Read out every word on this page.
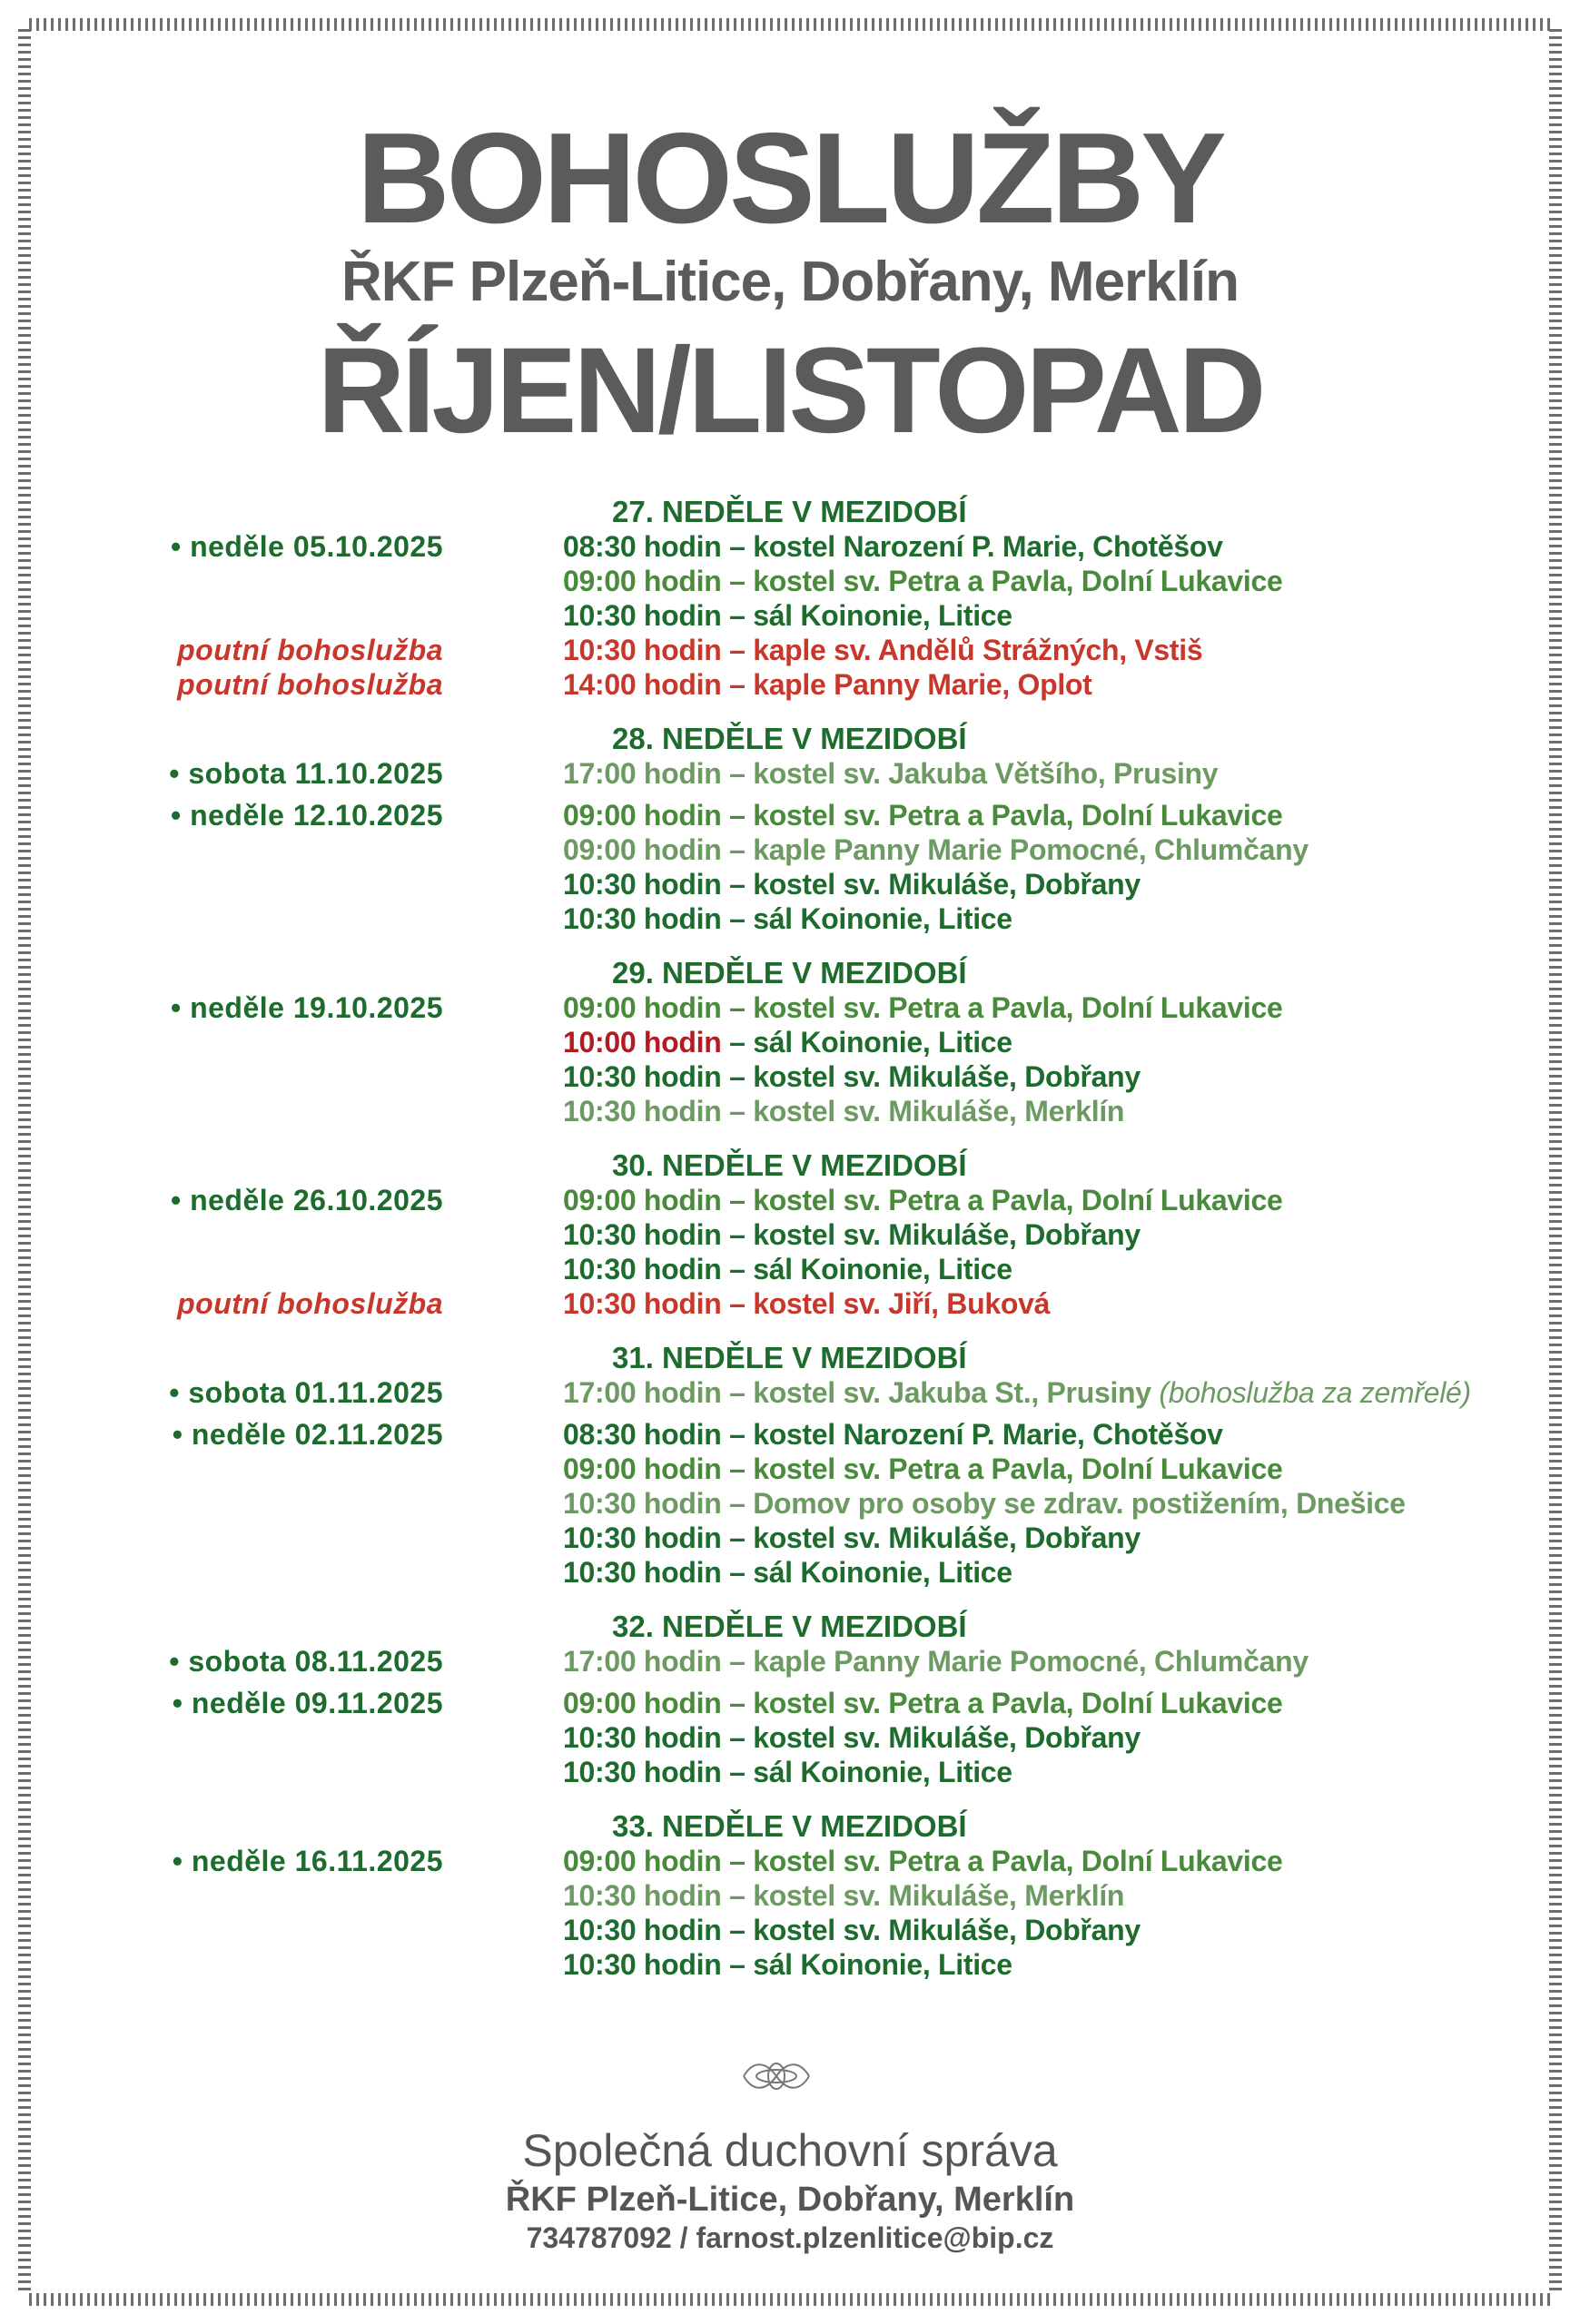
BOHOSLUŽBY
ŘKF Plzeň-Litice, Dobřany, Merklín
ŘÍJEN/LISTOPAD
27. NEDĚLE V MEZIDOBÍ
• neděle 05.10.2025	08:30 hodin – kostel Narození P. Marie, Chotěšov
09:00 hodin – kostel sv. Petra a Pavla, Dolní Lukavice
10:30 hodin – sál Koinonie, Litice
poutní bohoslužba	10:30 hodin – kaple sv. Andělů Strážných, Vstiš
poutní bohoslužba	14:00 hodin – kaple Panny Marie, Oplot
28. NEDĚLE V MEZIDOBÍ
• sobota 11.10.2025	17:00 hodin – kostel sv. Jakuba Většího, Prusiny
• neděle 12.10.2025	09:00 hodin – kostel sv. Petra a Pavla, Dolní Lukavice
09:00 hodin – kaple Panny Marie Pomocné, Chlumčany
10:30 hodin – kostel sv. Mikuláše, Dobřany
10:30 hodin – sál Koinonie, Litice
29. NEDĚLE V MEZIDOBÍ
• neděle 19.10.2025	09:00 hodin – kostel sv. Petra a Pavla, Dolní Lukavice
10:00 hodin – sál Koinonie, Litice
10:30 hodin – kostel sv. Mikuláše, Dobřany
10:30 hodin – kostel sv. Mikuláše, Merklín
30. NEDĚLE V MEZIDOBÍ
• neděle 26.10.2025	09:00 hodin – kostel sv. Petra a Pavla, Dolní Lukavice
10:30 hodin – kostel sv. Mikuláše, Dobřany
10:30 hodin – sál Koinonie, Litice
poutní bohoslužba	10:30 hodin – kostel sv. Jiří, Buková
31. NEDĚLE V MEZIDOBÍ
• sobota 01.11.2025	17:00 hodin – kostel sv. Jakuba St., Prusiny (bohoslužba za zemřelé)
• neděle 02.11.2025	08:30 hodin – kostel Narození P. Marie, Chotěšov
09:00 hodin – kostel sv. Petra a Pavla, Dolní Lukavice
10:30 hodin – Domov pro osoby se zdrav. postižením, Dnešice
10:30 hodin – kostel sv. Mikuláše, Dobřany
10:30 hodin – sál Koinonie, Litice
32. NEDĚLE V MEZIDOBÍ
• sobota 08.11.2025	17:00 hodin – kaple Panny Marie Pomocné, Chlumčany
• neděle 09.11.2025	09:00 hodin – kostel sv. Petra a Pavla, Dolní Lukavice
10:30 hodin – kostel sv. Mikuláše, Dobřany
10:30 hodin – sál Koinonie, Litice
33. NEDĚLE V MEZIDOBÍ
• neděle 16.11.2025	09:00 hodin – kostel sv. Petra a Pavla, Dolní Lukavice
10:30 hodin – kostel sv. Mikuláše, Merklín
10:30 hodin – kostel sv. Mikuláše, Dobřany
10:30 hodin – sál Koinonie, Litice

Společná duchovní správa

ŘKF Plzeň-Litice, Dobřany, Merklín

734787092 / farnost.plzenlitice@bip.cz
